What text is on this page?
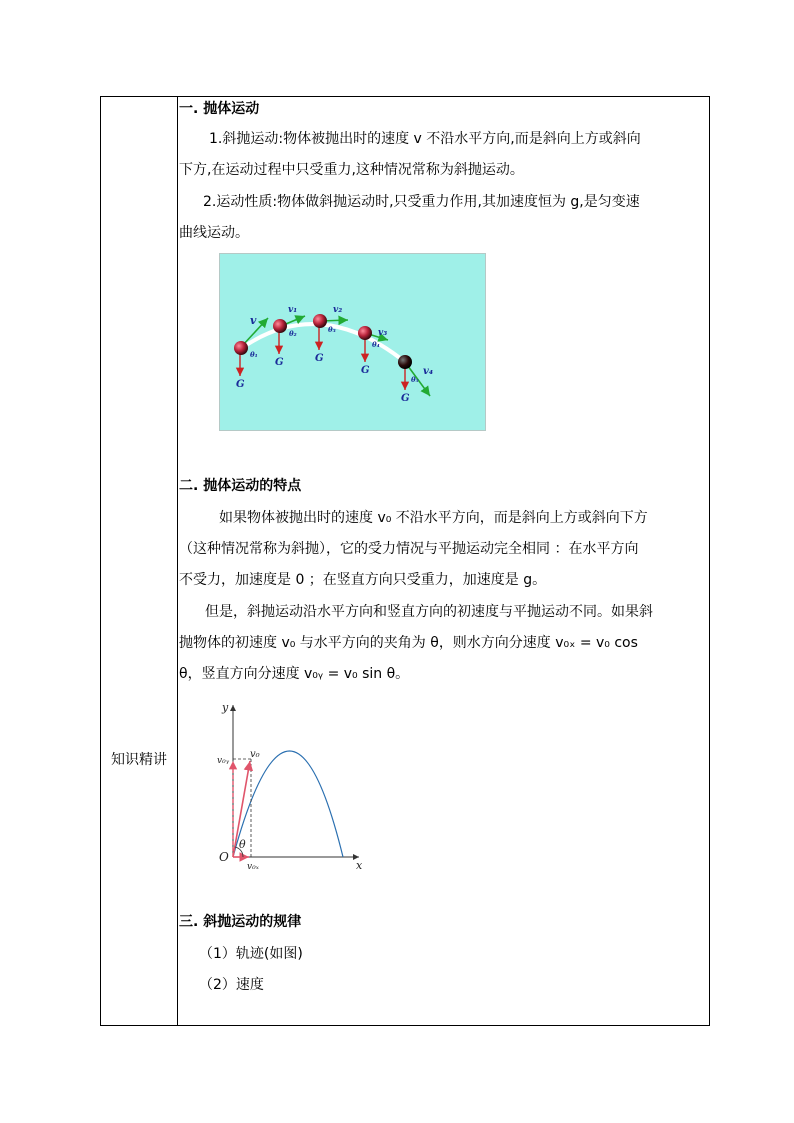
知识精讲
一. 抛体运动
1.斜抛运动:物体被抛出时的速度 v 不沿水平方向,而是斜向上方或斜向
下方,在运动过程中只受重力,这种情况常称为斜抛运动。
2.运动性质:物体做斜抛运动时,只受重力作用,其加速度恒为 g,是匀变速
曲线运动。
v
v₁	v₂
v₃
v₄
θ₁
θ₂	θ₃
θ₄
θ₅
G
G	G
G
G
二. 抛体运动的特点
如果物体被抛出时的速度 v₀ 不沿水平方向，而是斜向上方或斜向下方
（这种情况常称为斜抛），它的受力情况与平抛运动完全相同 ：在水平方向
不受力，加速度是 0 ；在竖直方向只受重力，加速度是 g。
但是，斜抛运动沿水平方向和竖直方向的初速度与平抛运动不同。如果斜
抛物体的初速度 v₀ 与水平方向的夹角为 θ，则水方向分速度 v₀ₓ = v₀ cos
θ，竖直方向分速度 v₀ᵧ = v₀ sin θ。
y
x
O
v₀
v₀ᵧ
v₀ₓ
θ
三. 斜抛运动的规律
（1）轨迹(如图)
（2）速度
